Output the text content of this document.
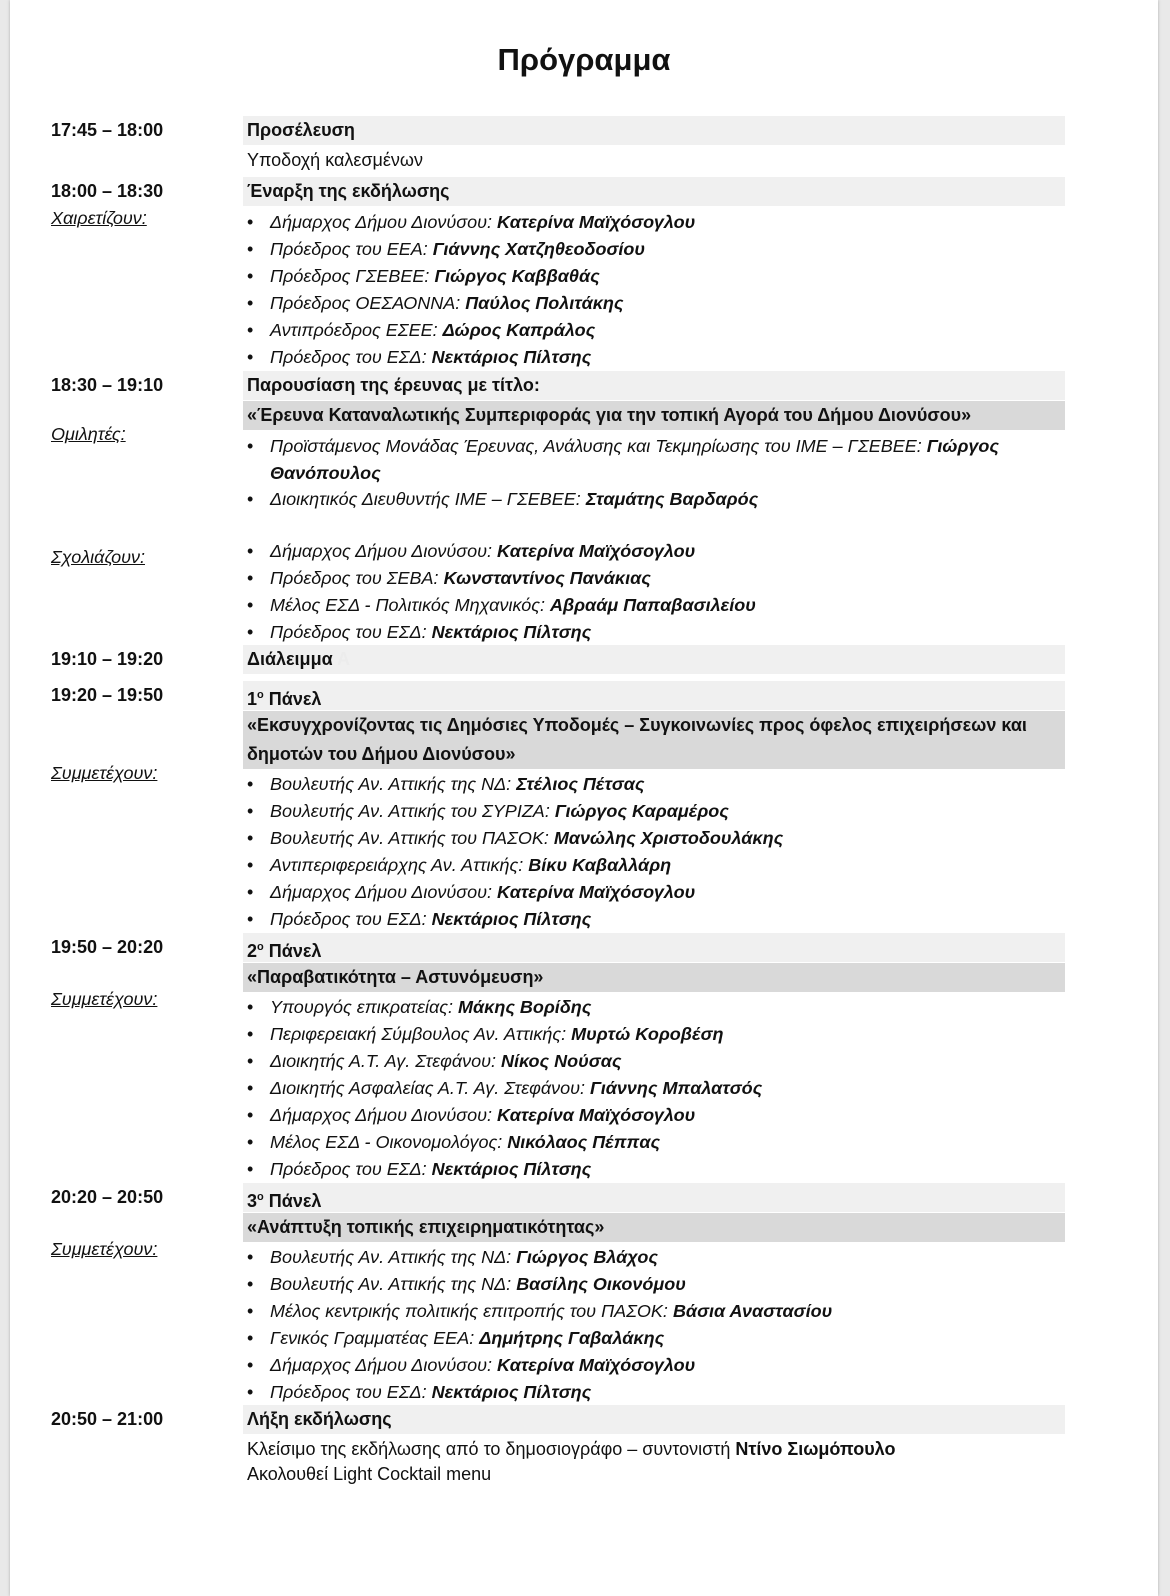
Πρόγραμμα
17:45 – 18:00	Προσέλευση
Υποδοχή καλεσμένων
18:00 – 18:30	Έναρξη της εκδήλωσης
Χαιρετίζουν:	• Δήμαρχος Δήμου Διονύσου: Κατερίνα Μαϊχόσογλου
• Πρόεδρος του ΕΕΑ: Γιάννης Χατζηθεοδοσίου
• Πρόεδρος ΓΣΕΒΕΕ: Γιώργος Καββαθάς
• Πρόεδρος ΟΕΣΑΟΝΝΑ: Παύλος Πολιτάκης
• Αντιπρόεδρος ΕΣΕΕ: Δώρος Καπράλος
• Πρόεδρος του ΕΣΔ: Νεκτάριος Πίλτσης
18:30 – 19:10	Παρουσίαση της έρευνας με τίτλο:
«Έρευνα Καταναλωτικής Συμπεριφοράς για την τοπική Αγορά του Δήμου Διονύσου»
Ομιλητές:
• Προϊστάμενος Μονάδας Έρευνας, Ανάλυσης και Τεκμηρίωσης του ΙΜΕ – ΓΣΕΒΕΕ: Γιώργος Θανόπουλος
• Διοικητικός Διευθυντής ΙΜΕ – ΓΣΕΒΕΕ: Σταμάτης Βαρδαρός
Σχολιάζουν:	• Δήμαρχος Δήμου Διονύσου: Κατερίνα Μαϊχόσογλου
• Πρόεδρος του ΣΕΒΑ: Κωνσταντίνος Πανάκιας
• Μέλος ΕΣΔ - Πολιτικός Μηχανικός: Αβραάμ Παπαβασιλείου
• Πρόεδρος του ΕΣΔ: Νεκτάριος Πίλτσης
19:10 – 19:20	Διάλειμμα Α
19:20 – 19:50	$1^o$ Πάνελ
«Εκσυγχρονίζοντας τις Δημόσιες Υποδομές – Συγκοινωνίες προς όφελος επιχειρήσεων και δημοτών του Δήμου Διονύσου»
Συμμετέχουν:
• Βουλευτής Αν. Αττικής της ΝΔ: Στέλιος Πέτσας
• Βουλευτής Αν. Αττικής του ΣΥΡΙΖΑ: Γιώργος Καραμέρος
• Βουλευτής Αν. Αττικής του ΠΑΣΟΚ: Μανώλης Χριστοδουλάκης
• Αντιπεριφερειάρχης Αν. Αττικής: Βίκυ Καβαλλάρη
• Δήμαρχος Δήμου Διονύσου: Κατερίνα Μαϊχόσογλου
• Πρόεδρος του ΕΣΔ: Νεκτάριος Πίλτσης
19:50 – 20:20	$2^o$ Πάνελ
«Παραβατικότητα – Αστυνόμευση»
Συμμετέχουν:	• Υπουργός επικρατείας: Μάκης Βορίδης
• Περιφερειακή Σύμβουλος Αν. Αττικής: Μυρτώ Κοροβέση
• Διοικητής Α.Τ. Αγ. Στεφάνου: Νίκος Νούσας
• Διοικητής Ασφαλείας Α.Τ. Αγ. Στεφάνου: Γιάννης Μπαλατσός
• Δήμαρχος Δήμου Διονύσου: Κατερίνα Μαϊχόσογλου
• Μέλος ΕΣΔ - Οικονομολόγος: Νικόλαος Πέππας
• Πρόεδρος του ΕΣΔ: Νεκτάριος Πίλτσης
20:20 – 20:50	$3^o$ Πάνελ
«Ανάπτυξη τοπικής επιχειρηματικότητας»
Συμμετέχουν:	• Βουλευτής Αν. Αττικής της ΝΔ: Γιώργος Βλάχος
• Βουλευτής Αν. Αττικής της ΝΔ: Βασίλης Οικονόμου
• Μέλος κεντρικής πολιτικής επιτροπής του ΠΑΣΟΚ: Βάσια Αναστασίου
• Γενικός Γραμματέας ΕΕΑ: Δημήτρης Γαβαλάκης
• Δήμαρχος Δήμου Διονύσου: Κατερίνα Μαϊχόσογλου
• Πρόεδρος του ΕΣΔ: Νεκτάριος Πίλτσης
20:50 – 21:00	Λήξη εκδήλωσης
Κλείσιμο της εκδήλωσης από το δημοσιογράφο – συντονιστή Ντίνο Σιωμόπουλο
Ακολουθεί Light Cocktail menu
